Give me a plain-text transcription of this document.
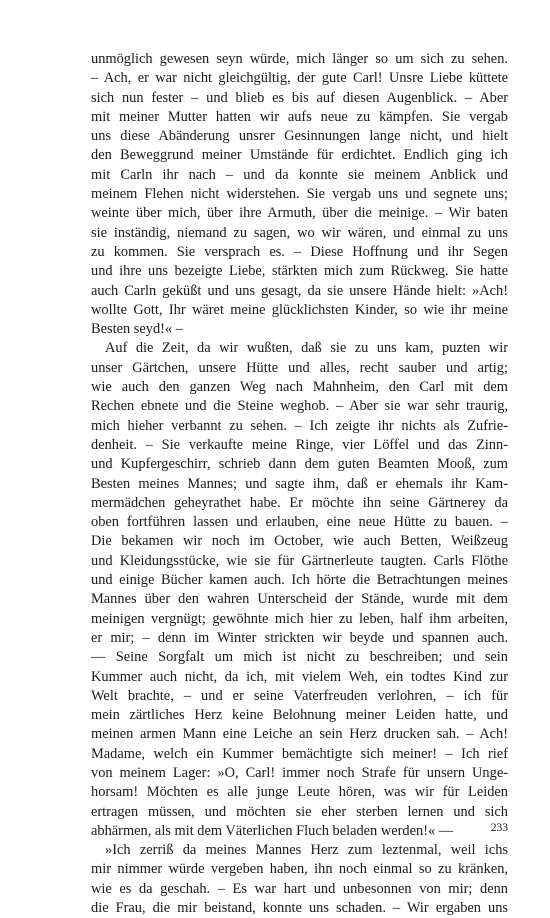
unmöglich gewesen seyn würde, mich länger so um sich zu sehen.
– Ach, er war nicht gleichgültig, der gute Carl! Unsre Liebe küttete
sich nun fester – und blieb es bis auf diesen Augenblick. – Aber
mit meiner Mutter hatten wir aufs neue zu kämpfen. Sie vergab
uns diese Abänderung unsrer Gesinnungen lange nicht, und hielt
den Beweggrund meiner Umstände für erdichtet. Endlich ging ich
mit Carln ihr nach – und da konnte sie meinem Anblick und
meinem Flehen nicht widerstehen. Sie vergab uns und segnete uns;
weinte über mich, über ihre Armuth, über die meinige. – Wir baten
sie inständig, niemand zu sagen, wo wir wären, und einmal zu uns
zu kommen. Sie versprach es. – Diese Hoffnung und ihr Segen
und ihre uns bezeigte Liebe, stärkten mich zum Rückweg. Sie hatte
auch Carln geküßt und uns gesagt, da sie unsere Hände hielt: »Ach!
wollte Gott, Ihr wäret meine glücklichsten Kinder, so wie ihr meine
Besten seyd!« –
Auf die Zeit, da wir wußten, daß sie zu uns kam, puzten wir
unser Gärtchen, unsere Hütte und alles, recht sauber und artig;
wie auch den ganzen Weg nach Mahnheim, den Carl mit dem
Rechen ebnete und die Steine weghob. – Aber sie war sehr traurig,
mich hieher verbannt zu sehen. – Ich zeigte ihr nichts als Zufrie-
denheit. – Sie verkaufte meine Ringe, vier Löffel und das Zinn-
und Kupfergeschirr, schrieb dann dem guten Beamten Mooß, zum
Besten meines Mannes; und sagte ihm, daß er ehemals ihr Kam-
mermädchen geheyrathet habe. Er möchte ihn seine Gärtnerey da
oben fortführen lassen und erlauben, eine neue Hütte zu bauen. –
Die bekamen wir noch im October, wie auch Betten, Weißzeug
und Kleidungsstücke, wie sie für Gärtnerleute taugten. Carls Flöthe
und einige Bücher kamen auch. Ich hörte die Betrachtungen meines
Mannes über den wahren Unterscheid der Stände, wurde mit dem
meinigen vergnügt; gewöhnte mich hier zu leben, half ihm arbeiten,
er mir; – denn im Winter strickten wir beyde und spannen auch.
–– Seine Sorgfalt um mich ist nicht zu beschreiben; und sein
Kummer auch nicht, da ich, mit vielem Weh, ein todtes Kind zur
Welt brachte, – und er seine Vaterfreuden verlohren, – ich für
mein zärtliches Herz keine Belohnung meiner Leiden hatte, und
meinen armen Mann eine Leiche an sein Herz drucken sah. – Ach!
Madame, welch ein Kummer bemächtigte sich meiner! – Ich rief
von meinem Lager: »O, Carl! immer noch Strafe für unsern Unge-
horsam! Möchten es alle junge Leute hören, was wir für Leiden
ertragen müssen, und möchten sie eher sterben lernen und sich
abhärmen, als mit dem Väterlichen Fluch beladen werden!« ––
»Ich zerriß da meines Mannes Herz zum leztenmal, weil ichs
mir nimmer würde vergeben haben, ihn noch einmal so zu kränken,
wie es da geschah. – Es war hart und unbesonnen von mir; denn
die Frau, die mir beistand, konnte uns schaden. – Wir ergaben uns
233
